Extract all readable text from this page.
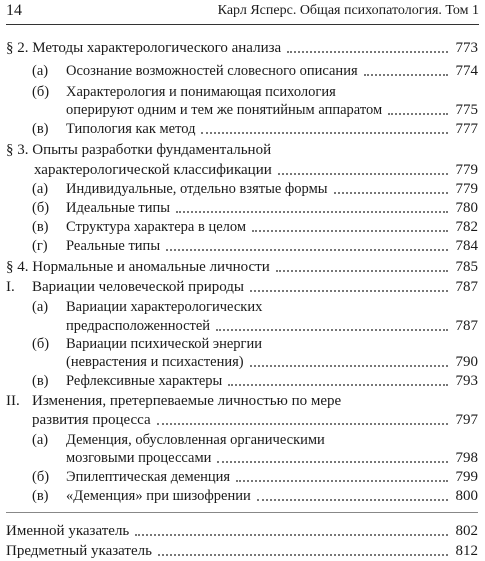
14	Карл Ясперс. Общая психопатология. Том 1
§ 2. Методы характерологического анализа	773
(а) Осознание возможностей словесного описания	774
(б) Характерология и понимающая психология
оперируют одним и тем же понятийным аппаратом	775
(в) Типология как метод	777
§ 3. Опыты разработки фундаментальной
характерологической классификации	779
(а) Индивидуальные, отдельно взятые формы	779
(б) Идеальные типы	780
(в) Структура характера в целом	782
(г) Реальные типы	784
§ 4. Нормальные и аномальные личности	785
I. Вариации человеческой природы	787
(а) Вариации характерологических
предрасположенностей	787
(б) Вариации психической энергии
(неврастения и психастения)	790
(в) Рефлексивные характеры	793
II. Изменения, претерпеваемые личностью по мере
развития процесса	797
(а) Деменция, обусловленная органическими
мозговыми процессами	798
(б) Эпилептическая деменция	799
(в) «Деменция» при шизофрении	800
Именной указатель	802
Предметный указатель	812
